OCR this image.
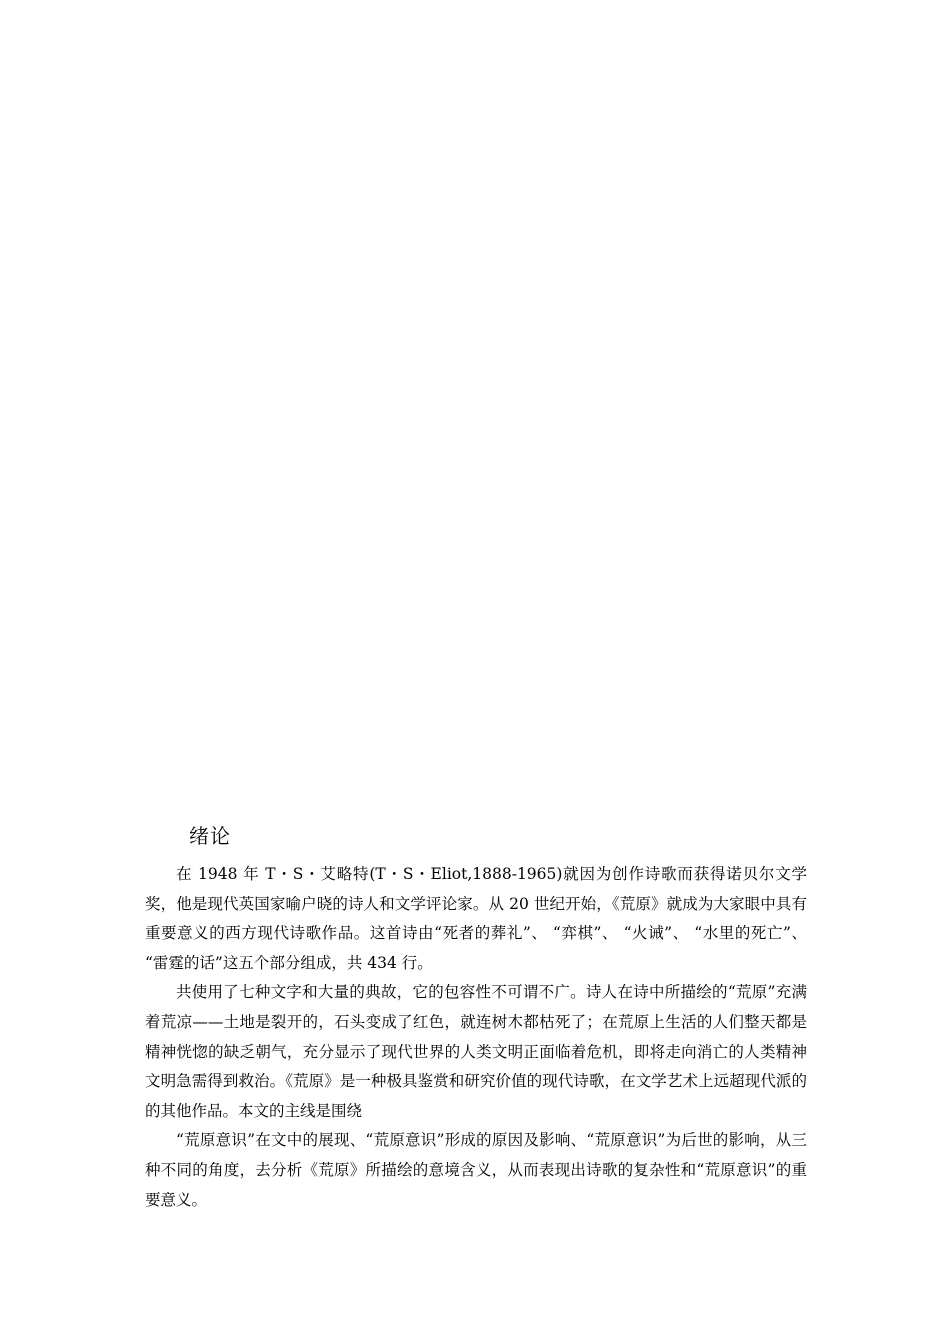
绪论

在 1948 年 T・S・艾略特(T・S・Eliot,1888-1965)就因为创作诗歌而获得诺贝尔文学奖，他是现代英国家喻户晓的诗人和文学评论家。从 20 世纪开始，《荒原》就成为大家眼中具有重要意义的西方现代诗歌作品。这首诗由“死者的葬礼”、 “弈棋”、 “火诫”、 “水里的死亡”、 “雷霆的话”这五个部分组成，共 434 行。

共使用了七种文字和大量的典故，它的包容性不可谓不广。诗人在诗中所描绘的“荒原”充满着荒凉——土地是裂开的，石头变成了红色，就连树木都枯死了；在荒原上生活的人们整天都是精神恍惚的缺乏朝气，充分显示了现代世界的人类文明正面临着危机，即将走向消亡的人类精神文明急需得到救治。《荒原》是一种极具鉴赏和研究价值的现代诗歌，在文学艺术上远超现代派的的其他作品。本文的主线是围绕

“荒原意识”在文中的展现、“荒原意识”形成的原因及影响、“荒原意识”为后世的影响，从三种不同的角度，去分析《荒原》所描绘的意境含义，从而表现出诗歌的复杂性和“荒原意识”的重要意义。
